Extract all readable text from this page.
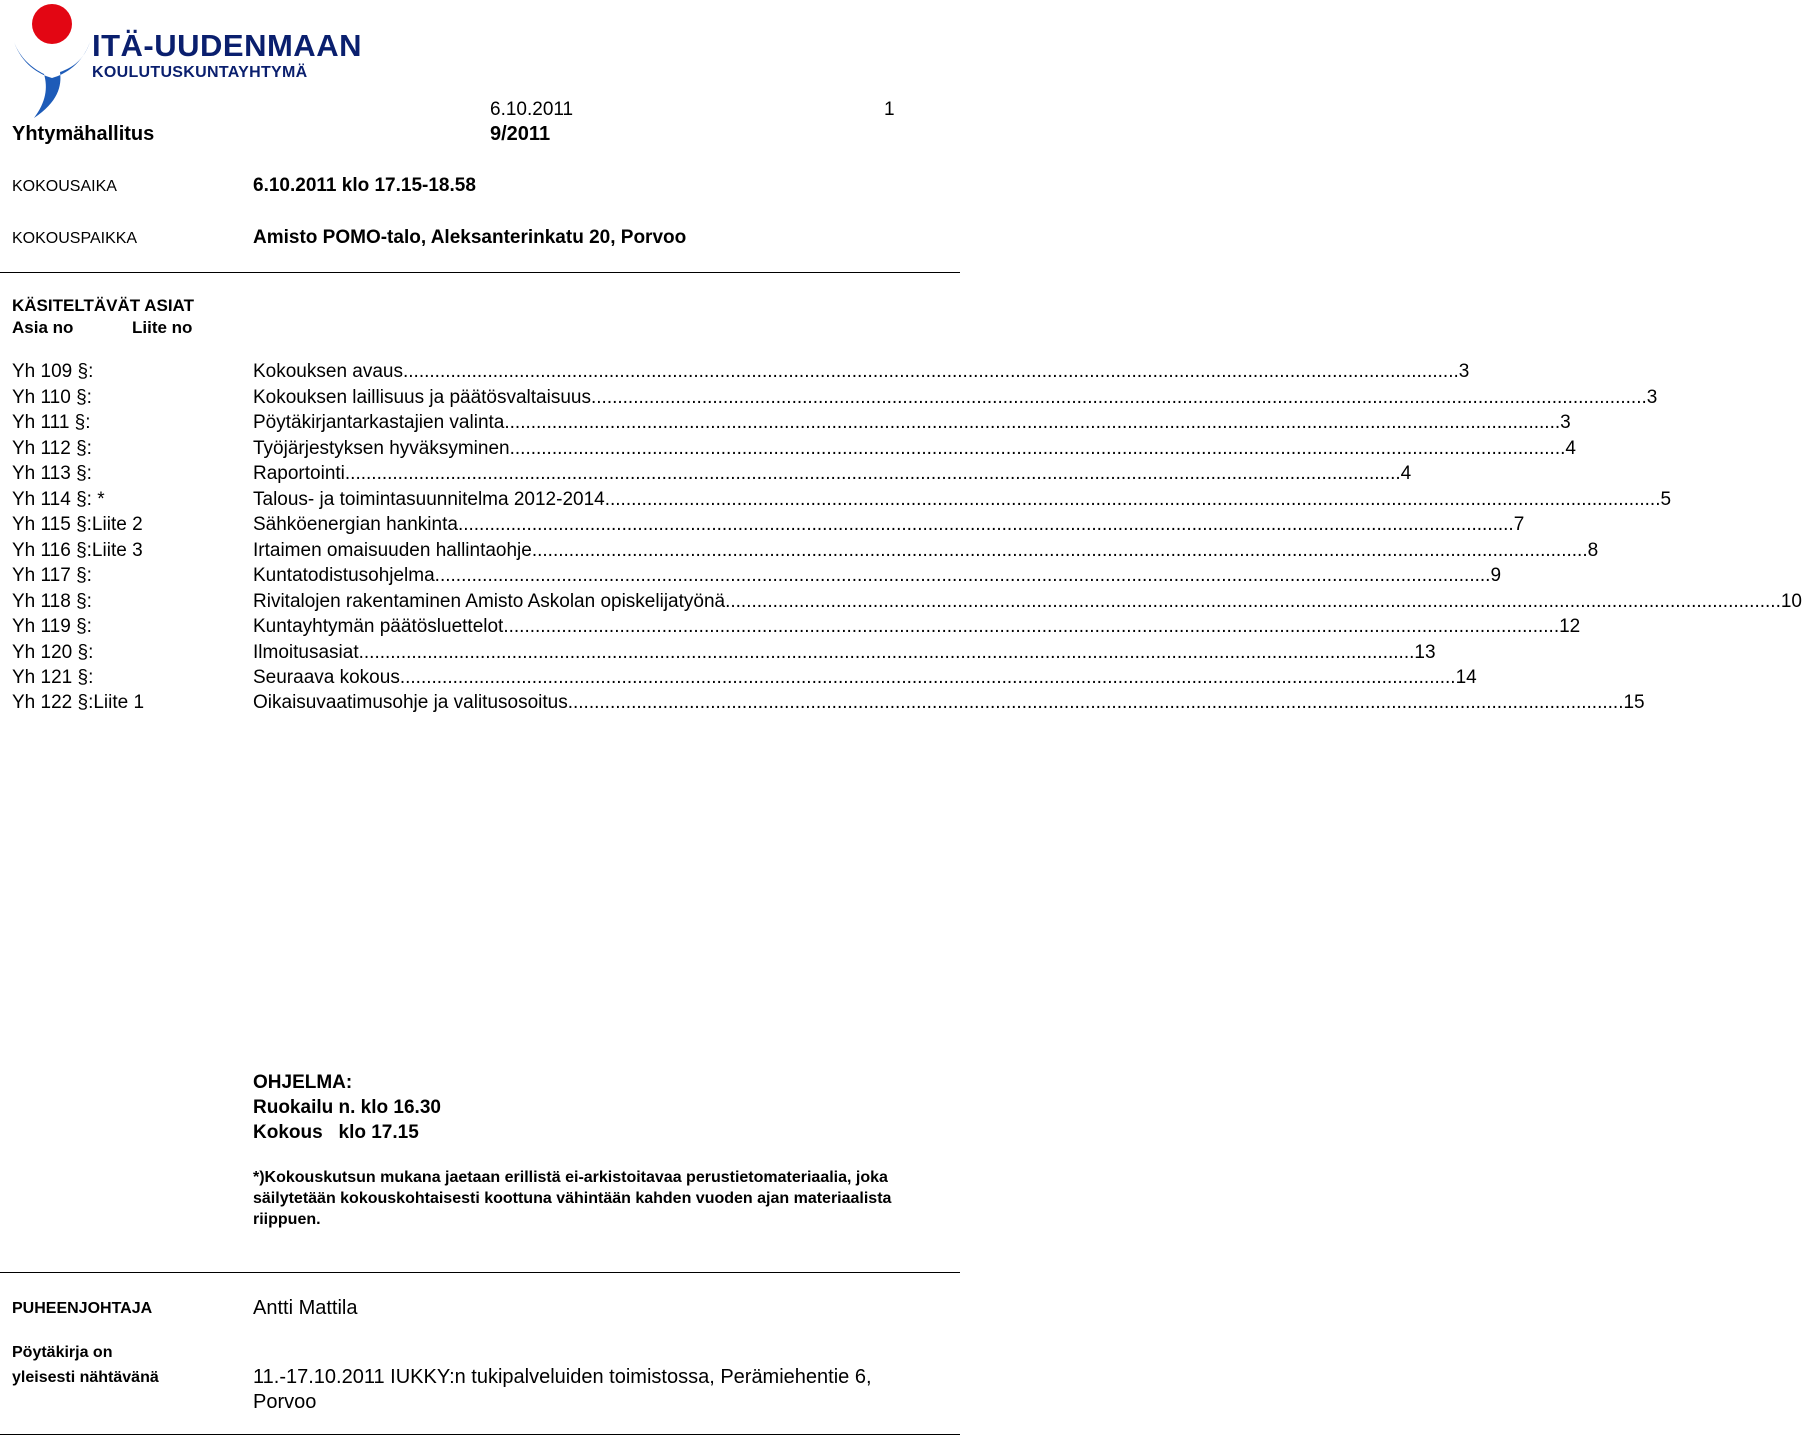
ITÄ-UUDENMAAN
KOULUTUSKUNTAYHTYMÄ
6.10.2011	1
Yhtymähallitus	9/2011
KOKOUSAIKA	6.10.2011 klo 17.15-18.58
KOKOUSPAIKKA	Amisto POMO-talo, Aleksanterinkatu 20, Porvoo
KÄSITELTÄVÄT ASIAT
Asia no	Liite no
Yh 109 §:	Kokouksen avaus ........................................................................................................................................................................................................ 3
Yh 110 §:	Kokouksen laillisuus ja päätösvaltaisuus ........................................................................................................................................................................................................ 3
Yh 111 §:	Pöytäkirjantarkastajien valinta ........................................................................................................................................................................................................ 3
Yh 112 §:	Työjärjestyksen hyväksyminen ........................................................................................................................................................................................................ 4
Yh 113 §:	Raportointi ........................................................................................................................................................................................................ 4
Yh 114 §: *	Talous- ja toimintasuunnitelma 2012-2014 ........................................................................................................................................................................................................ 5
Yh 115 §:Liite 2	Sähköenergian hankinta ........................................................................................................................................................................................................ 7
Yh 116 §:Liite 3	Irtaimen omaisuuden hallintaohje ........................................................................................................................................................................................................ 8
Yh 117 §:	Kuntatodistusohjelma ........................................................................................................................................................................................................ 9
Yh 118 §:	Rivitalojen rakentaminen Amisto Askolan opiskelijatyönä ........................................................................................................................................................................................................ 10
Yh 119 §:	Kuntayhtymän päätösluettelot ........................................................................................................................................................................................................ 12
Yh 120 §:	Ilmoitusasiat ........................................................................................................................................................................................................ 13
Yh 121 §:	Seuraava kokous ........................................................................................................................................................................................................ 14
Yh 122 §:Liite 1	Oikaisuvaatimusohje ja valitusosoitus ........................................................................................................................................................................................................ 15
OHJELMA:
Ruokailu n. klo 16.30
Kokous   klo 17.15
*)Kokouskutsun mukana jaetaan erillistä ei-arkistoitavaa perustietomateriaalia, joka säilytetään kokouskohtaisesti koottuna vähintään kahden vuoden ajan materiaalista riippuen.
PUHEENJOHTAJA	Antti Mattila
Pöytäkirja on
yleisesti nähtävänä	11.-17.10.2011 IUKKY:n tukipalveluiden toimistossa, Perämiehentie 6,
Porvoo
